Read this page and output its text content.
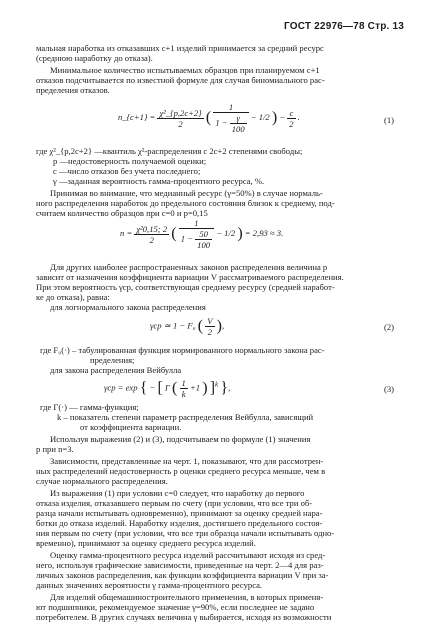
ГОСТ 22976—78 Стр. 13
мальная наработка из отказавших c+1 изделий принимается за средний ресурс
(среднюю наработку до отказа).
Минимальное количество испытываемых образцов при планируемом c+1
отказов подсчитывается по известной формуле для случая биномиального рас-
пределения отказов.
n_{c+1} = $\frac{\text{χ²\_\{p,2c+2\}}}{2}$ ( $\frac{1}{1 - \frac{\gamma}{100}} - 1/2$ ) − $\frac{c}{2}$ .	(1)
где χ²_{p,2c+2} —квантиль χ²-распределения с 2c+2 степенями свободы;
p —недостоверность получаемой оценки;
c —число отказов без учета последнего;
γ —заданная вероятность гамма-процентного ресурса, %.
Принимая во внимание, что медианный ресурс (γ=50%) в случае нормаль-
ного распределения наработок до предельного состояния близок к среднему, под-
считаем количество образцов при c=0 и p=0,15
$n = \frac{\text{χ²0,15; 2}}{2}$ ( $\frac{1}{1 - \frac{50}{100}} - 1/2$ ) = 2,93 ≈ 3.
Для других наиболее распространенных законов распределения величина p
зависит от назначения коэффициента вариации V рассматриваемого распределения.
При этом вероятность γср, соответствующая среднему ресурсу (средней наработ-
ке до отказа), равна:
для логнормального закона распределения
γср ≃ 1 − F₀ ( $\frac{V}{2}$ ),	(2)
где F₀(·) – табулированная функция нормированного нормального закона рас-
пределения;
для закона распределения Вейбулла
γср = exp { − [ Γ ( $\frac{1}{k} +1$ ) ]$^k$ },	(3)
где Γ(·) — гамма-функция;
k – показатель степени параметр распределения Вейбулла, зависящий
от коэффициента вариации.
Используя выражения (2) и (3), подсчитываем по формуле (1) значения
p при n=3.
Зависимости, представленные на черт. 1, показывают, что для рассмотрен-
ных распределений недостоверность p оценки среднего ресурса меньше, чем в
случае нормального распределения.
Из выражения (1) при условии c=0 следует, что наработку до первого
отказа изделия, отказавшего первым по счету (при условии, что все три об-
разца начали испытывать одновременно), принимают за оценку средней нара-
ботки до отказа изделий. Наработку изделия, достигшего предельного состоя-
ния первым по счету (при условии, что все три образца начали испытывать одно-
временно), принимают за оценку среднего ресурса изделий.
Оценку гамма-процентного ресурса изделий рассчитывают исходя из сред-
него, используя графические зависимости, приведенные на черт. 2—4 для раз-
личных законов распределения, как функции коэффициента вариации V при за-
данных значениях вероятности γ гамма-процентного ресурса.
Для изделий общемашиностроительного применения, в которых применя-
ют подшипники, рекомендуемое значение γ=90%, если последнее не задано
потребителем. В других случаях величина γ выбирается, исходя из возможности
